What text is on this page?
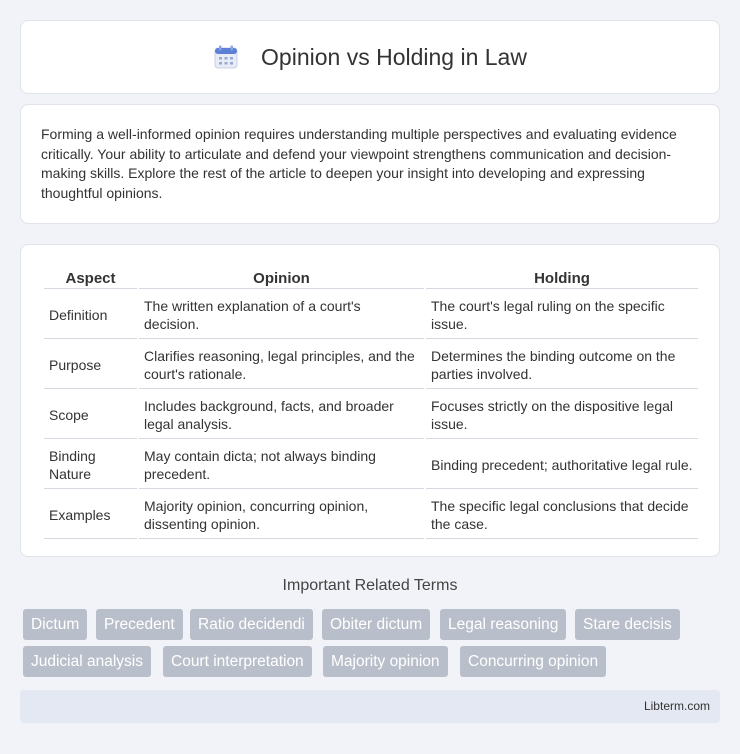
Opinion vs Holding in Law

Forming a well-informed opinion requires understanding multiple perspectives and evaluating evidence critically. Your ability to articulate and defend your viewpoint strengthens communication and decision-making skills. Explore the rest of the article to deepen your insight into developing and expressing thoughtful opinions.

Aspect	Opinion	Holding
Definition	The written explanation of a court's decision.	The court's legal ruling on the specific issue.
Purpose	Clarifies reasoning, legal principles, and the court's rationale.	Determines the binding outcome on the parties involved.
Scope	Includes background, facts, and broader legal analysis.	Focuses strictly on the dispositive legal issue.
Binding Nature	May contain dicta; not always binding precedent.	Binding precedent; authoritative legal rule.
Examples	Majority opinion, concurring opinion, dissenting opinion.	The specific legal conclusions that decide the case.
Important Related Terms
Dictum	Precedent	Ratio decidendi	Obiter dictum	Legal reasoning	Stare decisis
Judicial analysis	Court interpretation	Majority opinion	Concurring opinion
Libterm.com
